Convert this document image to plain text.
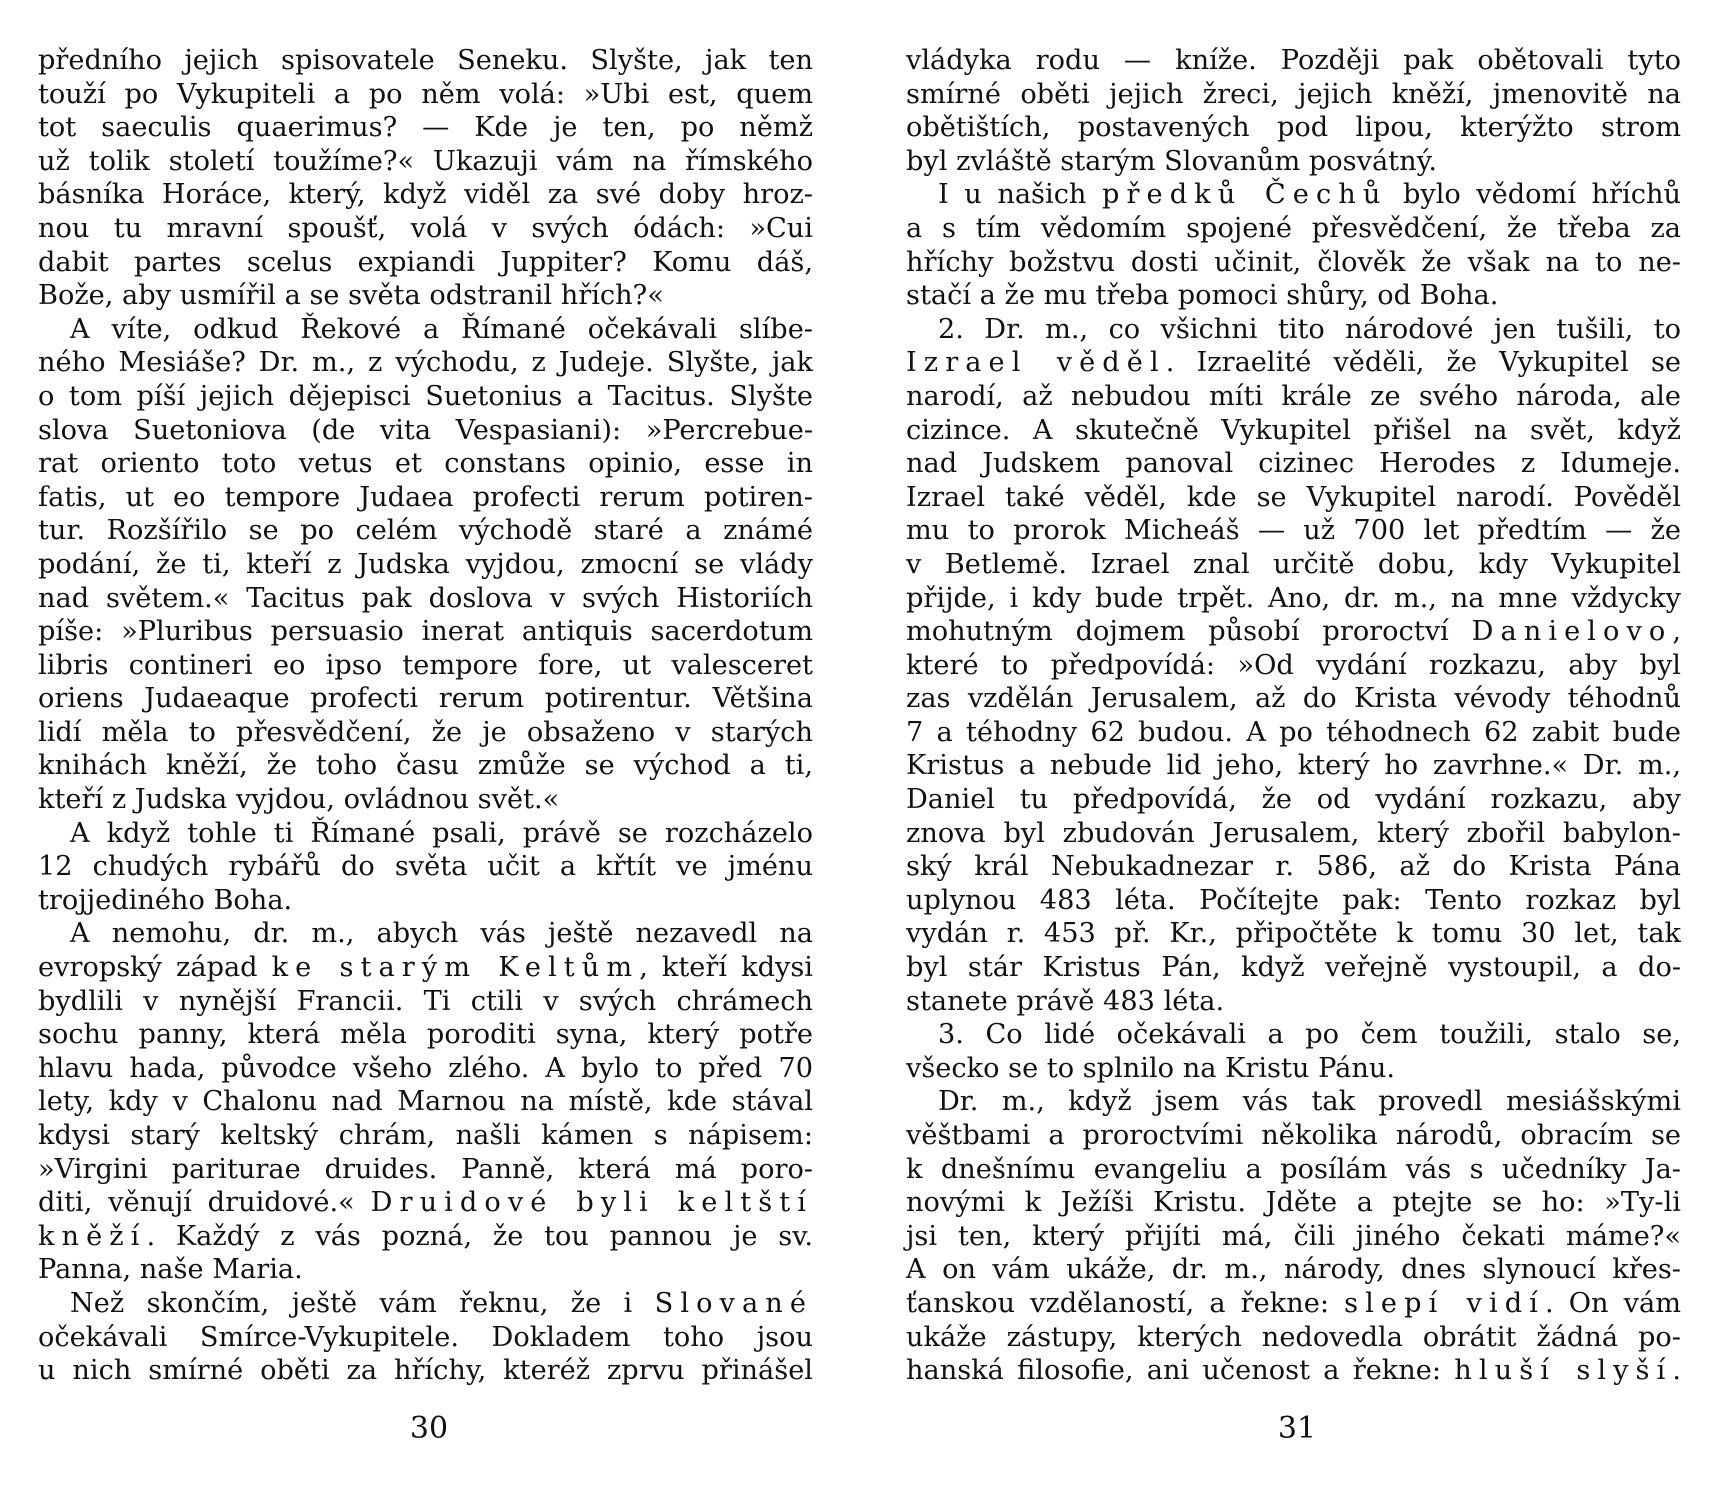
předního jejich spisovatele Seneku. Slyšte, jak ten
touží po Vykupiteli a po něm volá: »Ubi est, quem
tot saeculis quaerimus? — Kde je ten, po němž
už tolik století toužíme?« Ukazuji vám na římského
básníka Horáce, který, když viděl za své doby hroz-
nou tu mravní spoušť, volá v svých ódách: »Cui
dabit partes scelus expiandi Juppiter? Komu dáš,
Bože, aby usmířil a se světa odstranil hřích?«
A víte, odkud Řekové a Římané očekávali slíbe-
ného Mesiáše? Dr. m., z východu, z Judeje. Slyšte, jak
o tom píší jejich dějepisci Suetonius a Tacitus. Slyšte
slova Suetoniova (de vita Vespasiani): »Percrebue-
rat oriento toto vetus et constans opinio, esse in
fatis, ut eo tempore Judaea profecti rerum potiren-
tur. Rozšířilo se po celém východě staré a známé
podání, že ti, kteří z Judska vyjdou, zmocní se vlády
nad světem.« Tacitus pak doslova v svých Historiích
píše: »Pluribus persuasio inerat antiquis sacerdotum
libris contineri eo ipso tempore fore, ut valesceret
oriens Judaeaque profecti rerum potirentur. Většina
lidí měla to přesvědčení, že je obsaženo v starých
knihách kněží, že toho času zmůže se východ a ti,
kteří z Judska vyjdou, ovládnou svět.«
A když tohle ti Římané psali, právě se rozcházelo
12 chudých rybářů do světa učit a křtít ve jménu
trojjediného Boha.
A nemohu, dr. m., abych vás ještě nezavedl na
evropský západ ke starým Keltům, kteří kdysi
bydlili v nynější Francii. Ti ctili v svých chrámech
sochu panny, která měla poroditi syna, který potře
hlavu hada, původce všeho zlého. A bylo to před 70
lety, kdy v Chalonu nad Marnou na místě, kde stával
kdysi starý keltský chrám, našli kámen s nápisem:
»Virgini pariturae druides. Panně, která má poro-
diti, věnují druidové.« Druidové byli keltští
kněží. Každý z vás pozná, že tou pannou je sv.
Panna, naše Maria.
Než skončím, ještě vám řeknu, že i Slované
očekávali Smírce-Vykupitele. Dokladem toho jsou
u nich smírné oběti za hříchy, kteréž zprvu přinášel
vládyka rodu — kníže. Později pak obětovali tyto
smírné oběti jejich žreci, jejich kněží, jmenovitě na
obětištích, postavených pod lipou, kterýžto strom
byl zvláště starým Slovanům posvátný.
I u našich předků Čechů bylo vědomí hříchů
a s tím vědomím spojené přesvědčení, že třeba za
hříchy božstvu dosti učinit, člověk že však na to ne-
stačí a že mu třeba pomoci shůry, od Boha.
2. Dr. m., co všichni tito národové jen tušili, to
Izrael věděl. Izraelité věděli, že Vykupitel se
narodí, až nebudou míti krále ze svého národa, ale
cizince. A skutečně Vykupitel přišel na svět, když
nad Judskem panoval cizinec Herodes z Idumeje.
Izrael také věděl, kde se Vykupitel narodí. Pověděl
mu to prorok Micheáš — už 700 let předtím — že
v Betlemě. Izrael znal určitě dobu, kdy Vykupitel
přijde, i kdy bude trpět. Ano, dr. m., na mne vždycky
mohutným dojmem působí proroctví Danielovo,
které to předpovídá: »Od vydání rozkazu, aby byl
zas vzdělán Jerusalem, až do Krista vévody téhodnů
7 a téhodny 62 budou. A po téhodnech 62 zabit bude
Kristus a nebude lid jeho, který ho zavrhne.« Dr. m.,
Daniel tu předpovídá, že od vydání rozkazu, aby
znova byl zbudován Jerusalem, který zbořil babylon-
ský král Nebukadnezar r. 586, až do Krista Pána
uplynou 483 léta. Počítejte pak: Tento rozkaz byl
vydán r. 453 př. Kr., připočtěte k tomu 30 let, tak
byl stár Kristus Pán, když veřejně vystoupil, a do-
stanete právě 483 léta.
3. Co lidé očekávali a po čem toužili, stalo se,
všecko se to splnilo na Kristu Pánu.
Dr. m., když jsem vás tak provedl mesiášskými
věštbami a proroctvími několika národů, obracím se
k dnešnímu evangeliu a posílám vás s učedníky Ja-
novými k Ježíši Kristu. Jděte a ptejte se ho: »Ty-li
jsi ten, který přijíti má, čili jiného čekati máme?«
A on vám ukáže, dr. m., národy, dnes slynoucí křes-
ťanskou vzdělaností, a řekne: slepí vidí. On vám
ukáže zástupy, kterých nedovedla obrátit žádná po-
hanská filosofie, ani učenost a řekne: hluší slyší.
30	31
